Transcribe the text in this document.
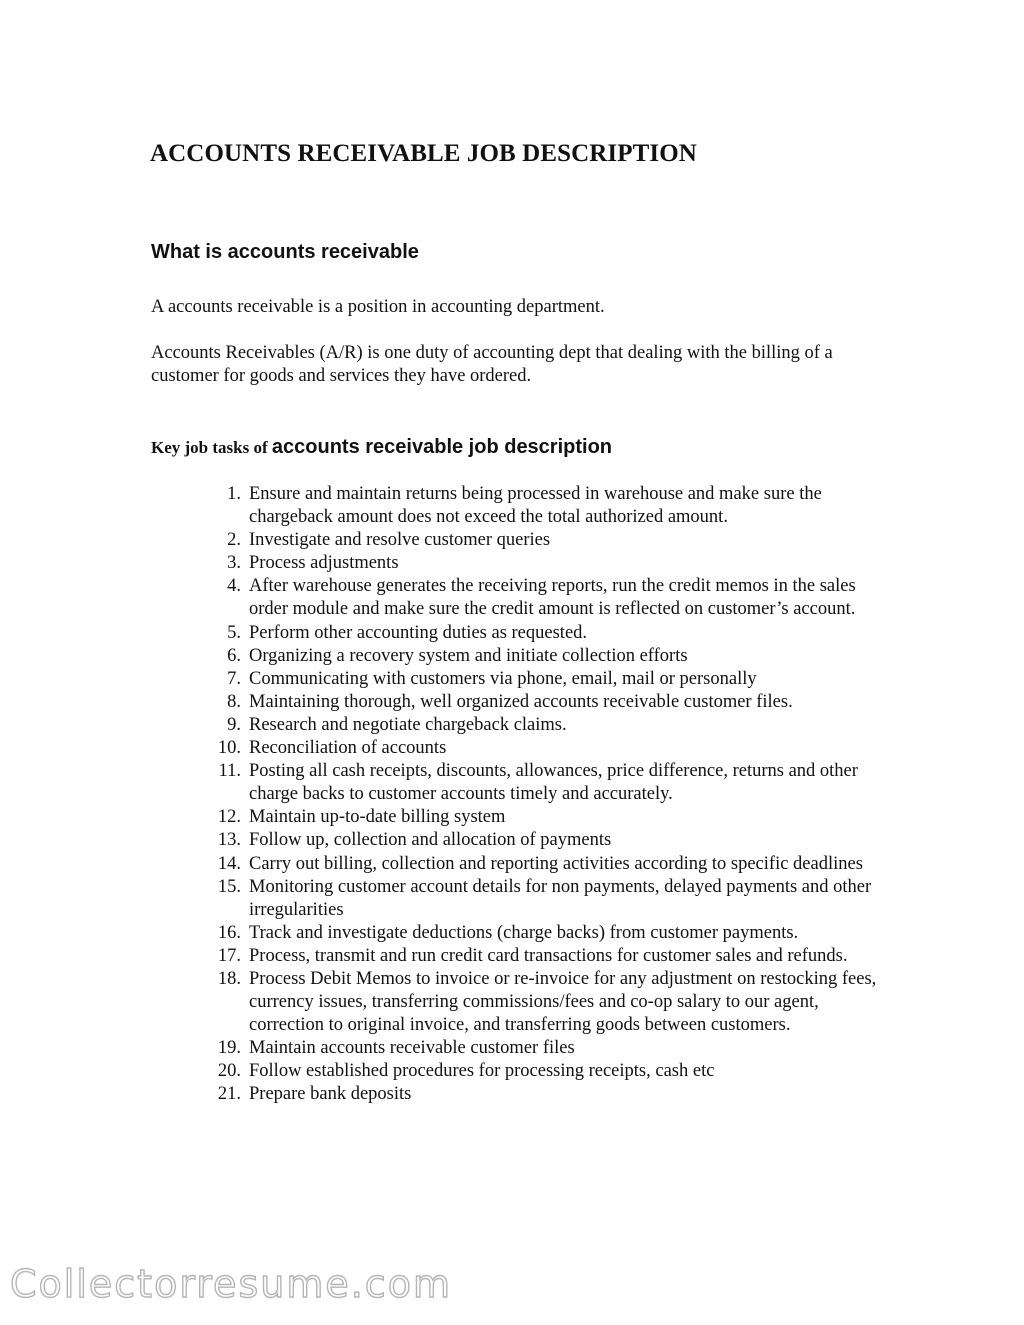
ACCOUNTS RECEIVABLE JOB DESCRIPTION
What is accounts receivable

A accounts receivable is a position in accounting department.

Accounts Receivables (A/R) is one duty of accounting dept that dealing with the billing of a customer for goods and services they have ordered.

Key job tasks of accounts receivable job description
1. Ensure and maintain returns being processed in warehouse and make sure the chargeback amount does not exceed the total authorized amount.
2. Investigate and resolve customer queries
3. Process adjustments
4. After warehouse generates the receiving reports, run the credit memos in the sales order module and make sure the credit amount is reflected on customer’s account.
5. Perform other accounting duties as requested.
6. Organizing a recovery system and initiate collection efforts
7. Communicating with customers via phone, email, mail or personally
8. Maintaining thorough, well organized accounts receivable customer files.
9. Research and negotiate chargeback claims.
10. Reconciliation of accounts
11. Posting all cash receipts, discounts, allowances, price difference, returns and other charge backs to customer accounts timely and accurately.
12. Maintain up-to-date billing system
13. Follow up, collection and allocation of payments
14. Carry out billing, collection and reporting activities according to specific deadlines
15. Monitoring customer account details for non payments, delayed payments and other irregularities
16. Track and investigate deductions (charge backs) from customer payments.
17. Process, transmit and run credit card transactions for customer sales and refunds.
18. Process Debit Memos to invoice or re-invoice for any adjustment on restocking fees, currency issues, transferring commissions/fees and co-op salary to our agent, correction to original invoice, and transferring goods between customers.
19. Maintain accounts receivable customer files
20. Follow established procedures for processing receipts, cash etc
21. Prepare bank deposits
Collectorresume.com
